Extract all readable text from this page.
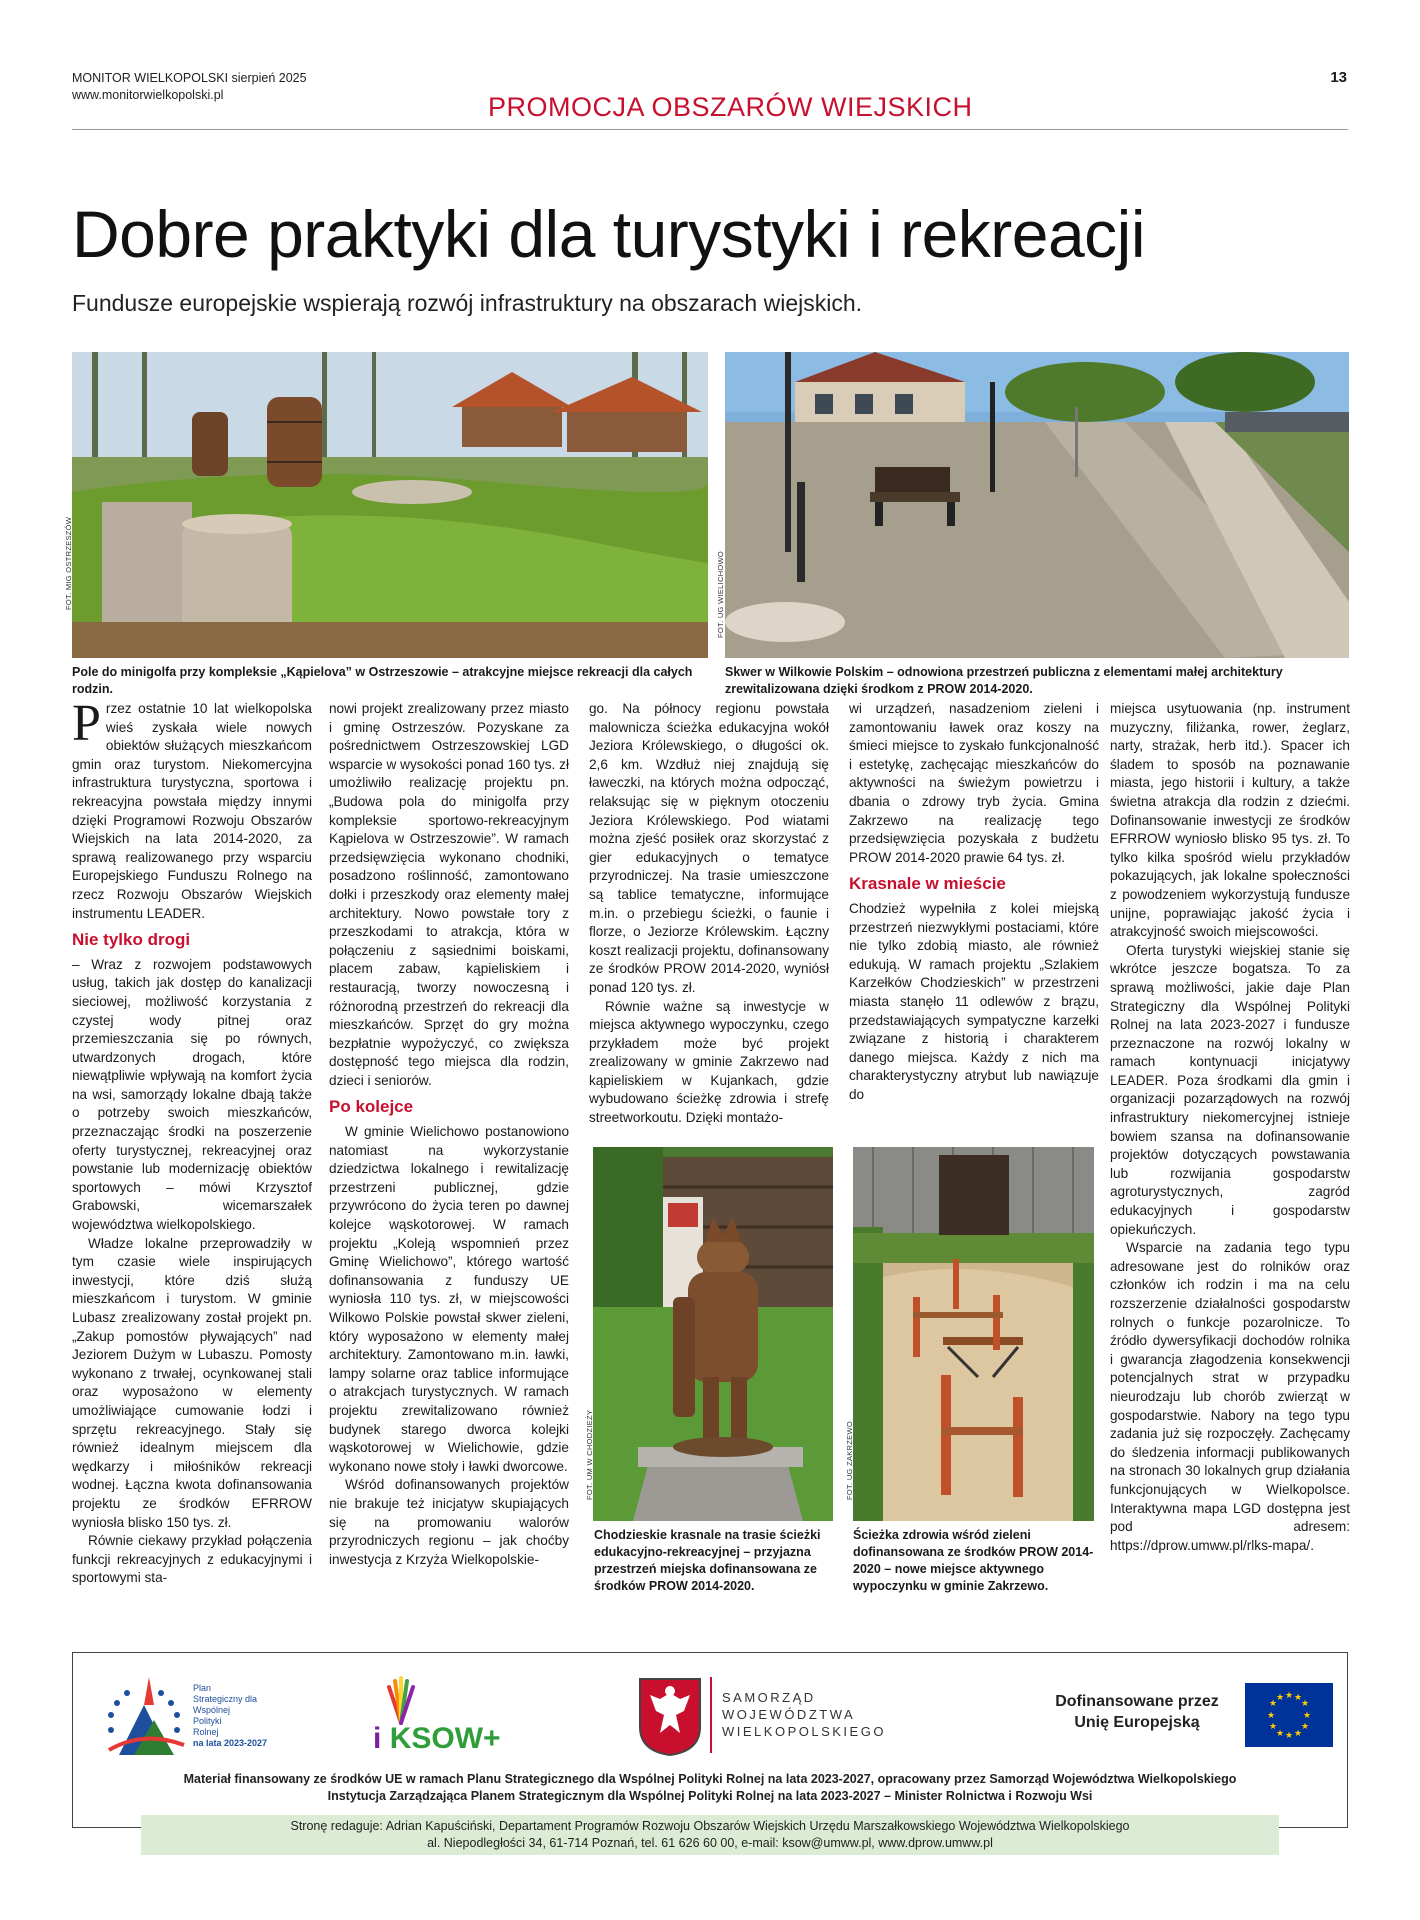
MONITOR WIELKOPOLSKI sierpień 2025
www.monitorwielkopolski.pl
13
PROMOCJA OBSZARÓW WIEJSKICH
Dobre praktyki dla turystyki i rekreacji
Fundusze europejskie wspierają rozwój infrastruktury na obszarach wiejskich.
FOT. MIG OSTRZESZÓW
Pole do minigolfa przy kompleksie „Kąpielova” w Ostrzeszowie – atrakcyjne miejsce rekreacji dla całych rodzin.
FOT. UG WIELICHOWO
Skwer w Wilkowie Polskim – odnowiona przestrzeń publiczna z elementami małej architektury zrewitalizowana dzięki środkom z PROW 2014-2020.

Przez ostatnie 10 lat wielkopolska wieś zyskała wiele nowych obiektów służących mieszkańcom gmin oraz turystom. Niekomercyjna infrastruktura turystyczna, sportowa i rekreacyjna powstała między innymi dzięki Programowi Rozwoju Obszarów Wiejskich na lata 2014-2020, za sprawą realizowanego przy wsparciu Europejskiego Funduszu Rolnego na rzecz Rozwoju Obszarów Wiejskich instrumentu LEADER.

Nie tylko drogi

– Wraz z rozwojem podstawowych usług, takich jak dostęp do kanalizacji sieciowej, możliwość korzystania z czystej wody pitnej oraz przemieszczania się po równych, utwardzonych drogach, które niewątpliwie wpływają na komfort życia na wsi, samorządy lokalne dbają także o potrzeby swoich mieszkańców, przeznaczając środki na poszerzenie oferty turystycznej, rekreacyjnej oraz powstanie lub modernizację obiektów sportowych – mówi Krzysztof Grabowski, wicemarszałek województwa wielkopolskiego.

Władze lokalne przeprowadziły w tym czasie wiele inspirujących inwestycji, które dziś służą mieszkańcom i turystom. W gminie Lubasz zrealizowany został projekt pn. „Zakup pomostów pływających” nad Jeziorem Dużym w Lubaszu. Pomosty wykonano z trwałej, ocynkowanej stali oraz wyposażono w elementy umożliwiające cumowanie łodzi i sprzętu rekreacyjnego. Stały się również idealnym miejscem dla wędkarzy i miłośników rekreacji wodnej. Łączna kwota dofinansowania projektu ze środków EFRROW wyniosła blisko 150 tys. zł.

Równie ciekawy przykład połączenia funkcji rekreacyjnych z edukacyjnymi i sportowymi sta-

nowi projekt zrealizowany przez miasto i gminę Ostrzeszów. Pozyskane za pośrednictwem Ostrzeszowskiej LGD wsparcie w wysokości ponad 160 tys. zł umożliwiło realizację projektu pn. „Budowa pola do minigolfa przy kompleksie sportowo-rekreacyjnym Kąpielova w Ostrzeszowie”. W ramach przedsięwzięcia wykonano chodniki, posadzono roślinność, zamontowano dołki i przeszkody oraz elementy małej architektury. Nowo powstałe tory z przeszkodami to atrakcja, która w połączeniu z sąsiednimi boiskami, placem zabaw, kąpieliskiem i restauracją, tworzy nowoczesną i różnorodną przestrzeń do rekreacji dla mieszkańców. Sprzęt do gry można bezpłatnie wypożyczyć, co zwiększa dostępność tego miejsca dla rodzin, dzieci i seniorów.

Po kolejce

W gminie Wielichowo postanowiono natomiast na wykorzystanie dziedzictwa lokalnego i rewitalizację przestrzeni publicznej, gdzie przywrócono do życia teren po dawnej kolejce wąskotorowej. W ramach projektu „Koleją wspomnień przez Gminę Wielichowo”, którego wartość dofinansowania z funduszy UE wyniosła 110 tys. zł, w miejscowości Wilkowo Polskie powstał skwer zieleni, który wyposażono w elementy małej architektury. Zamontowano m.in. ławki, lampy solarne oraz tablice informujące o atrakcjach turystycznych. W ramach projektu zrewitalizowano również budynek starego dworca kolejki wąskotorowej w Wielichowie, gdzie wykonano nowe stoły i ławki dworcowe.

Wśród dofinansowanych projektów nie brakuje też inicjatyw skupiających się na promowaniu walorów przyrodniczych regionu – jak choćby inwestycja z Krzyża Wielkopolskie-

go. Na północy regionu powstała malownicza ścieżka edukacyjna wokół Jeziora Królewskiego, o długości ok. 2,6 km. Wzdłuż niej znajdują się ławeczki, na których można odpocząć, relaksując się w pięknym otoczeniu Jeziora Królewskiego. Pod wiatami można zjeść posiłek oraz skorzystać z gier edukacyjnych o tematyce przyrodniczej. Na trasie umieszczone są tablice tematyczne, informujące m.in. o przebiegu ścieżki, o faunie i florze, o Jeziorze Królewskim. Łączny koszt realizacji projektu, dofinansowany ze środków PROW 2014-2020, wyniósł ponad 120 tys. zł.

Równie ważne są inwestycje w miejsca aktywnego wypoczynku, czego przykładem może być projekt zrealizowany w gminie Zakrzewo nad kąpieliskiem w Kujankach, gdzie wybudowano ścieżkę zdrowia i strefę streetworkoutu. Dzięki montażo-

wi urządzeń, nasadzeniom zieleni i zamontowaniu ławek oraz koszy na śmieci miejsce to zyskało funkcjonalność i estetykę, zachęcając mieszkańców do aktywności na świeżym powietrzu i dbania o zdrowy tryb życia. Gmina Zakrzewo na realizację tego przedsięwzięcia pozyskała z budżetu PROW 2014-2020 prawie 64 tys. zł.

Krasnale w mieście

Chodzież wypełniła z kolei miejską przestrzeń niezwykłymi postaciami, które nie tylko zdobią miasto, ale również edukują. W ramach projektu „Szlakiem Karzełków Chodzieskich” w przestrzeni miasta stanęło 11 odlewów z brązu, przedstawiających sympatyczne karzełki związane z historią i charakterem danego miejsca. Każdy z nich ma charakterystyczny atrybut lub nawiązuje do

miejsca usytuowania (np. instrument muzyczny, filiżanka, rower, żeglarz, narty, strażak, herb itd.). Spacer ich śladem to sposób na poznawanie miasta, jego historii i kultury, a także świetna atrakcja dla rodzin z dziećmi. Dofinansowanie inwestycji ze środków EFRROW wyniosło blisko 95 tys. zł. To tylko kilka spośród wielu przykładów pokazujących, jak lokalne społeczności z powodzeniem wykorzystują fundusze unijne, poprawiając jakość życia i atrakcyjność swoich miejscowości.

Oferta turystyki wiejskiej stanie się wkrótce jeszcze bogatsza. To za sprawą możliwości, jakie daje Plan Strategiczny dla Wspólnej Polityki Rolnej na lata 2023-2027 i fundusze przeznaczone na rozwój lokalny w ramach kontynuacji inicjatywy LEADER. Poza środkami dla gmin i organizacji pozarządowych na rozwój infrastruktury niekomercyjnej istnieje bowiem szansa na dofinansowanie projektów dotyczących powstawania lub rozwijania gospodarstw agroturystycznych, zagród edukacyjnych i gospodarstw opiekuńczych.

Wsparcie na zadania tego typu adresowane jest do rolników oraz członków ich rodzin i ma na celu rozszerzenie działalności gospodarstw rolnych o funkcje pozarolnicze. To źródło dywersyfikacji dochodów rolnika i gwarancja złagodzenia konsekwencji potencjalnych strat w przypadku nieurodzaju lub chorób zwierząt w gospodarstwie. Nabory na tego typu zadania już się rozpoczęły. Zachęcamy do śledzenia informacji publikowanych na stronach 30 lokalnych grup działania funkcjonujących w Wielkopolsce. Interaktywna mapa LGD dostępna jest pod adresem: https://dprow.umww.pl/rlks-mapa/.

FOT. UM W CHODZIEŻY
Chodzieskie krasnale na trasie ścieżki edukacyjno-rekreacyjnej – przyjazna przestrzeń miejska dofinansowana ze środków PROW 2014-2020.
FOT. UG ZAKRZEWO
Ścieżka zdrowia wśród zieleni dofinansowana ze środków PROW 2014-2020 – nowe miejsce aktywnego wypoczynku w gminie Zakrzewo.
Plan
Strategiczny dla
Wspólnej
Polityki
Rolnej
na lata 2023-2027	i KSOW+
SAMORZĄD
WOJEWÓDZTWA
WIELKOPOLSKIEGO
Dofinansowane przez
Unię Europejską
★ ★
★
★
★
★
★
★
★
★
★
★
Materiał finansowany ze środków UE w ramach Planu Strategicznego dla Wspólnej Polityki Rolnej na lata 2023-2027, opracowany przez Samorząd Województwa Wielkopolskiego
Instytucja Zarządzająca Planem Strategicznym dla Wspólnej Polityki Rolnej na lata 2023-2027 – Minister Rolnictwa i Rozwoju Wsi
Stronę redaguje: Adrian Kapuściński, Departament Programów Rozwoju Obszarów Wiejskich Urzędu Marszałkowskiego Województwa Wielkopolskiego
al. Niepodległości 34, 61-714 Poznań, tel. 61 626 60 00, e-mail: ksow@umww.pl, www.dprow.umww.pl
